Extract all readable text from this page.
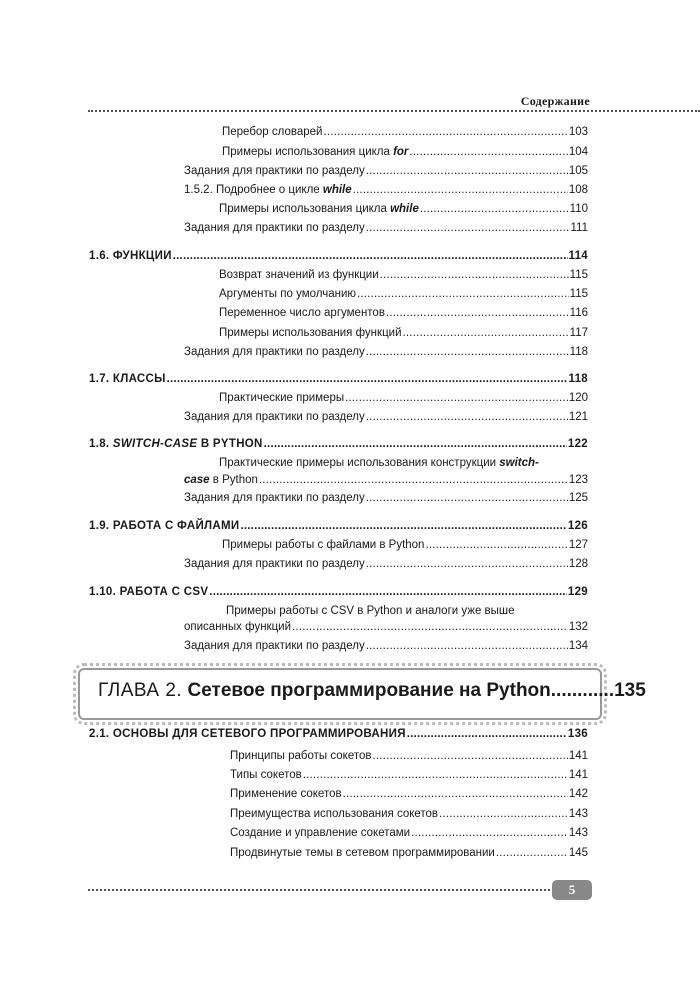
Содержание
Перебор словарей .....	103
Примеры использования цикла for .....	104
Задания для практики по разделу .....	105
1.5.2. Подробнее о цикле while .....	108
Примеры использования цикла while .....	110
Задания для практики по разделу .....	111
1.6. ФУНКЦИИ .....	114
Возврат значений из функции .....	115
Аргументы по умолчанию .....	115
Переменное число аргументов .....	116
Примеры использования функций .....	117
Задания для практики по разделу .....	118
1.7. КЛАССЫ .....	118
Практические примеры .....	120
Задания для практики по разделу .....	121
1.8. SWITCH-CASE В PYTHON .....	122
Практические примеры использования конструкции switch-
case в Python .....	123
Задания для практики по разделу .....	125
1.9. РАБОТА С ФАЙЛАМИ .....	126
Примеры работы с файлами в Python .....	127
Задания для практики по разделу .....	128
1.10. РАБОТА С CSV .....	129
Примеры работы с CSV в Python и аналоги уже выше
описанных функций .....	132
Задания для практики по разделу .....	134
ГЛАВА 2. Сетевое программирование на Python............135
2.1. ОСНОВЫ ДЛЯ СЕТЕВОГО ПРОГРАММИРОВАНИЯ .....	136
Принципы работы сокетов .....	141
Типы сокетов .....	141
Применение сокетов .....	142
Преимущества использования сокетов .....	143
Создание и управление сокетами .....	143
Продвинутые темы в сетевом программировании .....	145
5
